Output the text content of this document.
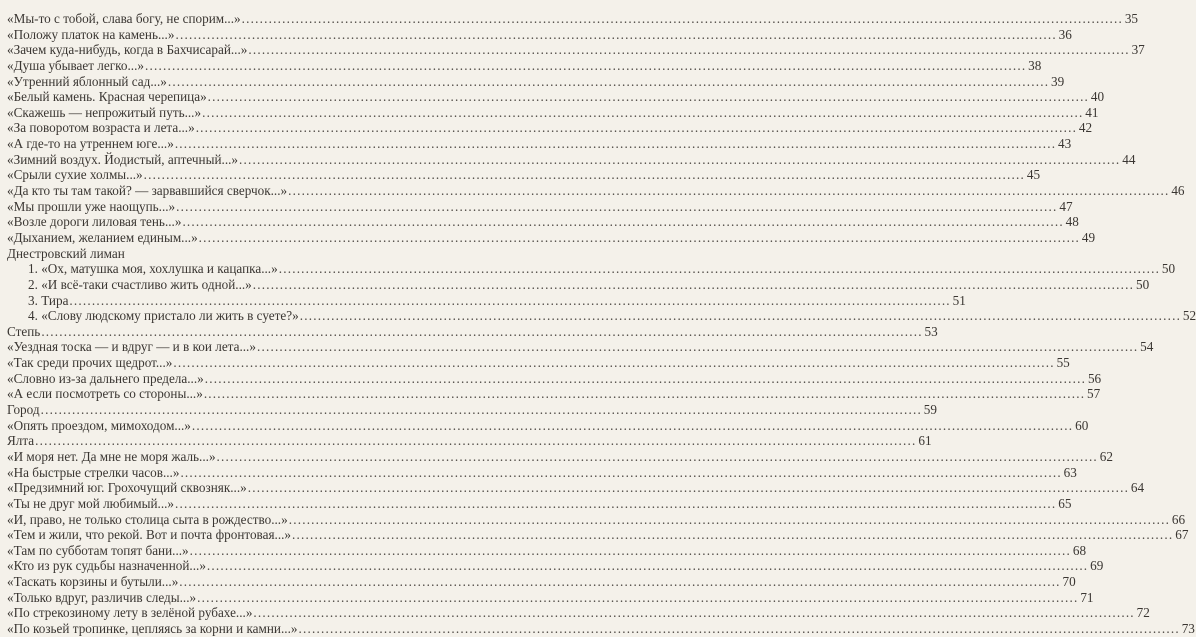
«Мы-то с тобой, слава богу, не спорим...» .....	35
«Положу платок на камень...» .....	36
«Зачем куда-нибудь, когда в Бахчисарай...» .....	37
«Душа убывает легко...» .....	38
«Утренний яблонный сад...» .....	39
«Белый камень. Красная черепица» .....	40
«Скажешь — непрожитый путь...» .....	41
«За поворотом возраста и лета...» .....	42
«А где-то на утреннем юге...» .....	43
«Зимний воздух. Йодистый, аптечный...» .....	44
«Срыли сухие холмы...» .....	45
«Да кто ты там такой? — зарвавшийся сверчок...» .....	46
«Мы прошли уже наощупь...» .....	47
«Возле дороги лиловая тень...» .....	48
«Дыханием, желанием единым...» .....	49
Днестровский лиман
1. «Ох, матушка моя, хохлушка и кацапка...» .....	50
2. «И всё-таки счастливо жить одной...» .....	50
3. Тира .....	51
4. «Слову людскому пристало ли жить в суете?» .....	52
Степь .....	53
«Уездная тоска — и вдруг — и в кои лета...» .....	54
«Так среди прочих щедрот...» .....	55
«Словно из-за дальнего предела...» .....	56
«А если посмотреть со стороны...» .....	57
Город .....	59
«Опять проездом, мимоходом...» .....	60
Ялта .....	61
«И моря нет. Да мне не моря жаль...» .....	62
«На быстрые стрелки часов...» .....	63
«Предзимний юг. Грохочущий сквозняк...» .....	64
«Ты не друг мой любимый...» .....	65
«И, право, не только столица сыта в рождество...» .....	66
«Тем и жили, что рекой. Вот и почта фронтовая...» .....	67
«Там по субботам топят бани...» .....	68
«Кто из рук судьбы назначенной...» .....	69
«Таскать корзины и бутыли...» .....	70
«Только вдруг, различив следы...» .....	71
«По стрекозиному лету в зелёной рубахе...» .....	72
«По козьей тропинке, цепляясь за корни и камни...» .....	73
